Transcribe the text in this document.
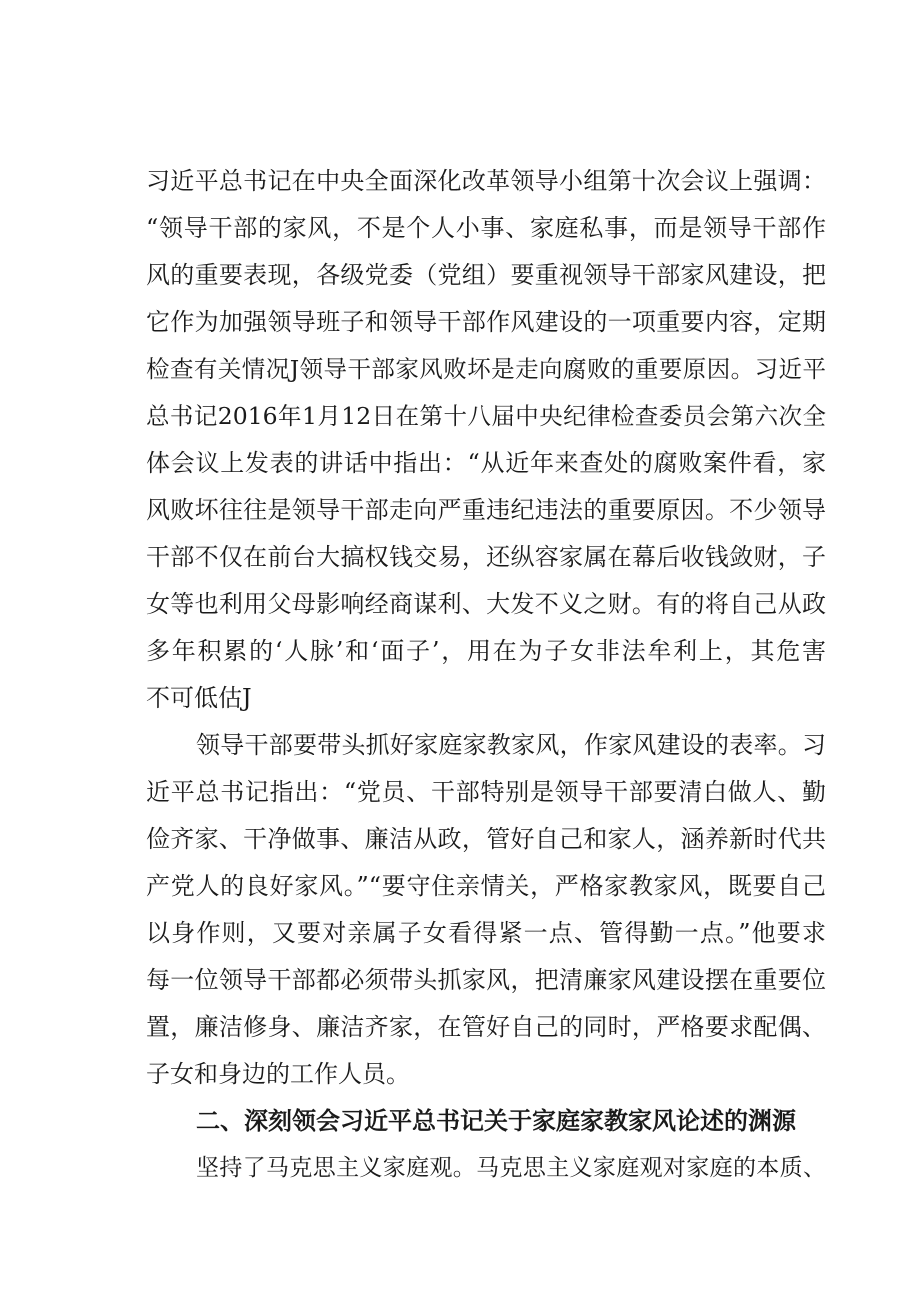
习近平总书记在中央全面深化改革领导小组第十次会议上强调：
“领导干部的家风，不是个人小事、家庭私事，而是领导干部作
风的重要表现，各级党委（党组）要重视领导干部家风建设，把
它作为加强领导班子和领导干部作风建设的一项重要内容，定期
检查有关情况J领导干部家风败坏是走向腐败的重要原因。习近平
总书记2016年1月12日在第十八届中央纪律检查委员会第六次全
体会议上发表的讲话中指出：“从近年来查处的腐败案件看，家
风败坏往往是领导干部走向严重违纪违法的重要原因。不少领导
干部不仅在前台大搞权钱交易，还纵容家属在幕后收钱敛财，子
女等也利用父母影响经商谋利、大发不义之财。有的将自己从政
多年积累的‘人脉’和‘面子’，用在为子女非法牟利上，其危害
不可低估J
领导干部要带头抓好家庭家教家风，作家风建设的表率。习
近平总书记指出：“党员、干部特别是领导干部要清白做人、勤
俭齐家、干净做事、廉洁从政，管好自己和家人，涵养新时代共
产党人的良好家风。”“要守住亲情关，严格家教家风，既要自己
以身作则，又要对亲属子女看得紧一点、管得勤一点。”他要求
每一位领导干部都必须带头抓家风，把清廉家风建设摆在重要位
置，廉洁修身、廉洁齐家，在管好自己的同时，严格要求配偶、
子女和身边的工作人员。
二、深刻领会习近平总书记关于家庭家教家风论述的渊源
坚持了马克思主义家庭观。马克思主义家庭观对家庭的本质、
